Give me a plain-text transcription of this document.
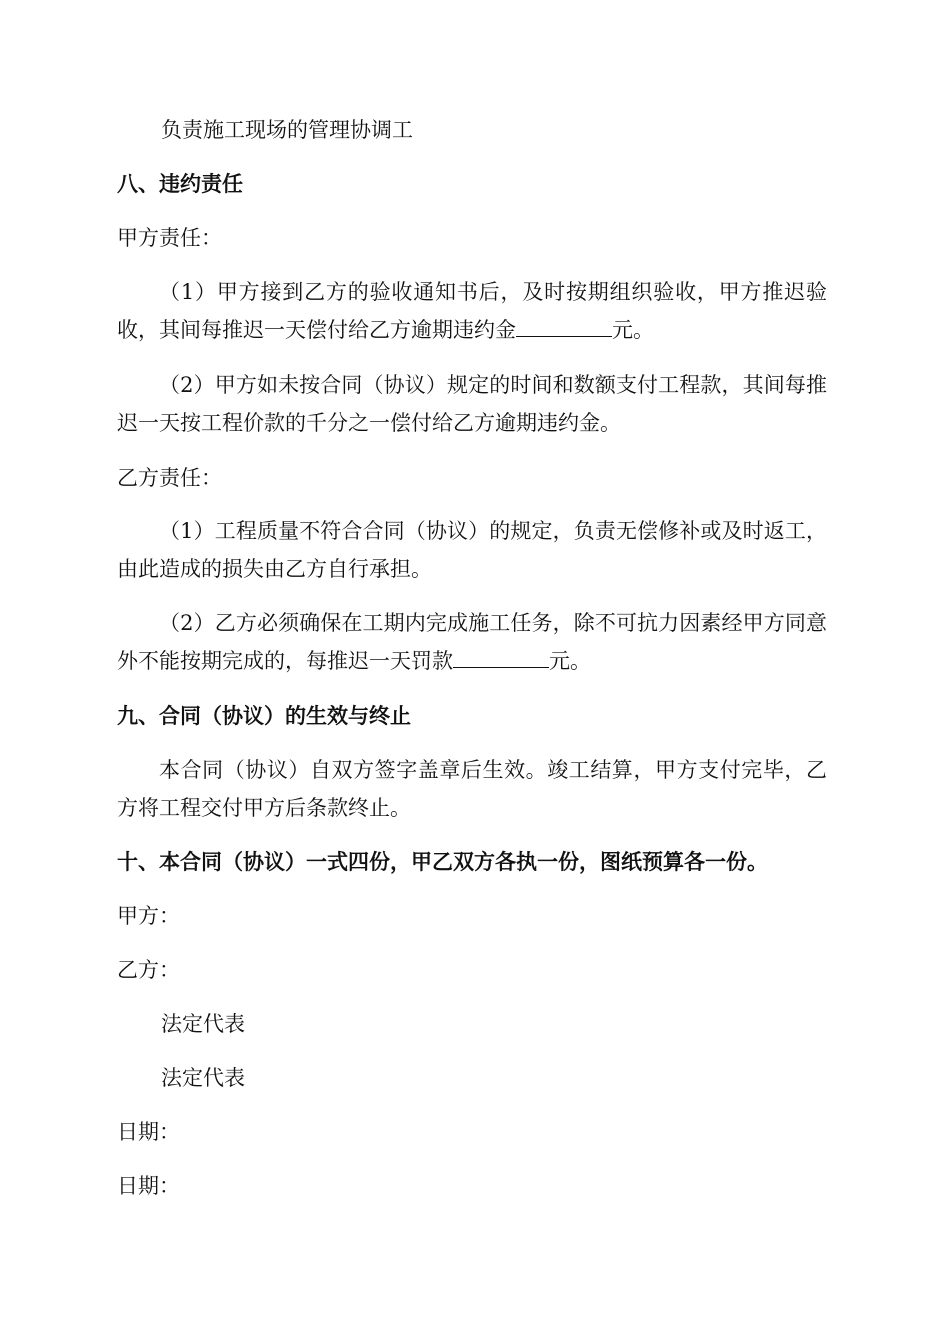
负责施工现场的管理协调工
八、违约责任
甲方责任：
（1）甲方接到乙方的验收通知书后，及时按期组织验收，甲方推迟验收，其间每推迟一天偿付给乙方逾期违约金	元。
（2）甲方如未按合同（协议）规定的时间和数额支付工程款，其间每推迟一天按工程价款的千分之一偿付给乙方逾期违约金。
乙方责任：
（1）工程质量不符合合同（协议）的规定，负责无偿修补或及时返工，由此造成的损失由乙方自行承担。
（2）乙方必须确保在工期内完成施工任务，除不可抗力因素经甲方同意外不能按期完成的，每推迟一天罚款	元。
九、合同（协议）的生效与终止
本合同（协议）自双方签字盖章后生效。竣工结算，甲方支付完毕，乙方将工程交付甲方后条款终止。
十、本合同（协议）一式四份，甲乙双方各执一份，图纸预算各一份。
甲方：
乙方：
法定代表
法定代表
日期：
日期：
